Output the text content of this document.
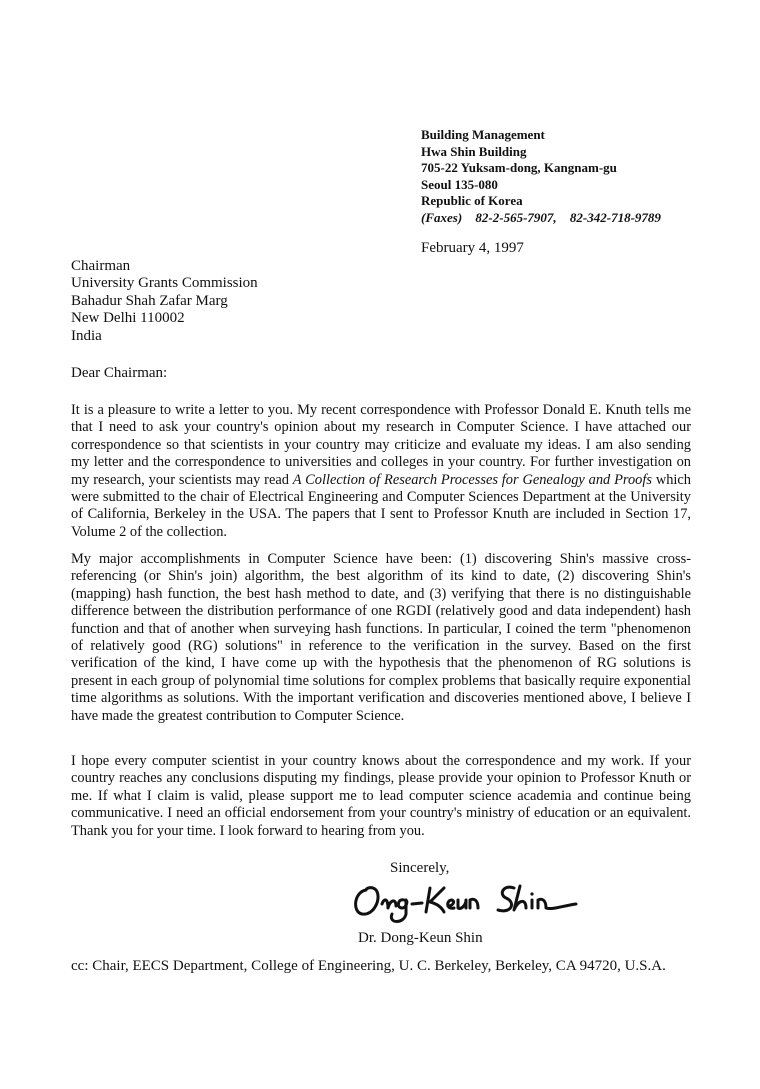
Building Management
Hwa Shin Building
705-22 Yuksam-dong, Kangnam-gu
Seoul 135-080
Republic of Korea
(Faxes) 82-2-565-7907, 82-342-718-9789
February 4, 1997
Chairman
University Grants Commission
Bahadur Shah Zafar Marg
New Delhi 110002
India
Dear Chairman:
It is a pleasure to write a letter to you. My recent correspondence with Professor Donald E. Knuth tells me that I need to ask your country's opinion about my research in Computer Science. I have attached our correspondence so that scientists in your country may criticize and evaluate my ideas. I am also sending my letter and the correspondence to universities and colleges in your country. For further investigation on my research, your scientists may read A Collection of Research Processes for Genealogy and Proofs which were submitted to the chair of Electrical Engineering and Computer Sciences Department at the University of California, Berkeley in the USA. The papers that I sent to Professor Knuth are included in Section 17, Volume 2 of the collection.
My major accomplishments in Computer Science have been: (1) discovering Shin's massive cross-referencing (or Shin's join) algorithm, the best algorithm of its kind to date, (2) discovering Shin's (mapping) hash function, the best hash method to date, and (3) verifying that there is no distinguishable difference between the distribution performance of one RGDI (relatively good and data independent) hash function and that of another when surveying hash functions. In particular, I coined the term "phenomenon of relatively good (RG) solutions" in reference to the verification in the survey. Based on the first verification of the kind, I have come up with the hypothesis that the phenomenon of RG solutions is present in each group of polynomial time solutions for complex problems that basically require exponential time algorithms as solutions. With the important verification and discoveries mentioned above, I believe I have made the greatest contribution to Computer Science.
I hope every computer scientist in your country knows about the correspondence and my work. If your country reaches any conclusions disputing my findings, please provide your opinion to Professor Knuth or me. If what I claim is valid, please support me to lead computer science academia and continue being communicative. I need an official endorsement from your country's ministry of education or an equivalent. Thank you for your time. I look forward to hearing from you.
Sincerely,
Dr. Dong-Keun Shin
cc: Chair, EECS Department, College of Engineering, U. C. Berkeley, Berkeley, CA 94720, U.S.A.
